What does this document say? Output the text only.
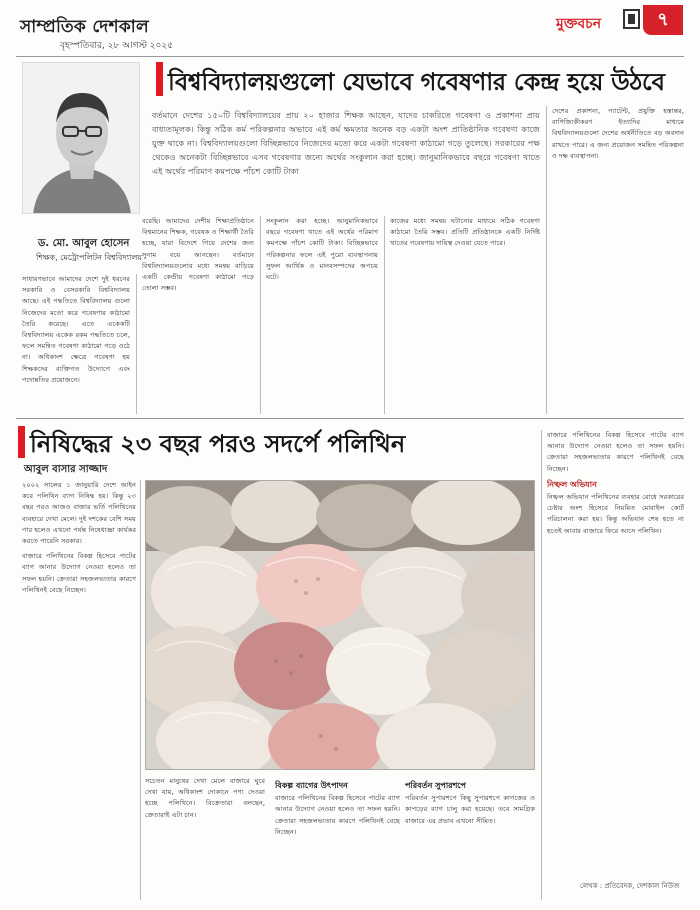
সাম্প্রতিক দেশকাল
বৃহস্পতিবার, ২৮ আগস্ট ২০২৫
মুক্তবচন	৭
ড. মো. আবুল হোসেন
শিক্ষক, মেট্রোপলিটন বিশ্ববিদ্যালয়
বিশ্ববিদ্যালয়গুলো যেভাবে গবেষণার কেন্দ্র হয়ে উঠবে
বর্তমানে দেশের ১৫০টি বিশ্ববিদ্যালয়ের প্রায় ২০ হাজার শিক্ষক আছেন, যাদের চাকরিতে গবেষণা ও প্রকাশনা প্রায় বাধ্যতামূলক। কিন্তু সঠিক কর্ম পরিকল্পনার অভাবে এই কর্ম ক্ষমতার অনেক বড় একটা অংশ প্রাতিষ্ঠানিক গবেষণা কাজে যুক্ত থাকে না। বিশ্ববিদ্যালয়গুলো বিচ্ছিন্নভাবে নিজেদের মতো করে একটা গবেষণা কাঠামো গড়ে তুলেছে। সরকারের পক্ষ থেকেও অনেকটা বিচ্ছিন্নভাবে এসব গবেষণার জন্যে অর্থের সংকুলান করা হচ্ছে। জানুমানিকভাবে বছরে গবেষণা খাতে এই অর্থের পরিমাণ কমপক্ষে পাঁচশ কোটি টাকা

সাধারণভাবে আমাদের দেশে দুই ধরনের সরকারি ও বেসরকারি বিশ্ববিদ্যালয় আছে। এই পদ্ধতিতে বিশ্ববিদ্যালয় গুলো নিজেদের মতো করে গবেষণার কাঠামো তৈরি করেছে। এতে একেকটি বিশ্ববিদ্যালয় একেক রকম পদ্ধতিতে চলে, ফলে সমন্বিত গবেষণা কাঠামো গড়ে ওঠে না। অধিকাংশ ক্ষেত্রে গবেষণা হয় শিক্ষকদের ব্যক্তিগত উদ্যোগে এবং পদোন্নতির প্রয়োজনে।

বরেছি। আমাদের দেশীয় শিক্ষাপ্রতিষ্ঠানে বিশ্বমানের শিক্ষক, গবেষক ও শিক্ষার্থী তৈরি হচ্ছে, যারা বিদেশে গিয়ে দেশের জন্য সুনাম বয়ে আনছেন। বর্তমানে বিশ্ববিদ্যালয়গুলোর মধ্যে সমন্বয় বাড়িয়ে একটি কেন্দ্রীয় গবেষণা কাঠামো গড়ে তোলা সম্ভব।

সংকুলান করা হচ্ছে। আনুমানিকভাবে বছরে গবেষণা খাতে এই অর্থের পরিমাণ কমপক্ষে পাঁচশ কোটি টাকা। বিচ্ছিন্নভাবে পরিকল্পনার ফলে এই পুরো ব্যবস্থাপনায় সুফল আর্থিক ও মানবসম্পদের অপচয় ঘটে।

কাজের মধ্যে সমন্বয় ঘটানোর মাধ্যমে সঠিক গবেষণা কাঠামো তৈরি সম্ভব। প্রতিটি প্রতিষ্ঠানকে একটি নির্দিষ্ট খাতের গবেষণায় দায়িত্ব দেওয়া যেতে পারে।

দেশের প্রকাশনা, প্যাটেন্ট, প্রযুক্তি হস্তান্তর, বাণিজ্যিকীকরণ ইত্যাদির মাধ্যমে বিশ্ববিদ্যালয়গুলো দেশের অর্থনীতিতে বড় অবদান রাখতে পারে। এ জন্য প্রয়োজন সমন্বিত পরিকল্পনা ও দক্ষ ব্যবস্থাপনা।

নিষিদ্ধের ২৩ বছর পরও সদর্পে পলিথিন
আবুল বাসার সাজ্জাদ

২০০২ সালের ১ জানুয়ারি দেশে আইন করে পলিথিন ব্যাগ নিষিদ্ধ হয়। কিন্তু ২৩ বছর পরও আজও বাজার ভর্তি পলিথিনের ব্যবহারে দেখা মেলে। দুই দশকের বেশি সময় পার হলেও এখনো পর্যন্ত নিষেধাজ্ঞা কার্যকর করতে পারেনি সরকার।

বাজারে পলিথিনের বিকল্প হিসেবে পাটের ব্যাগ আনার উদ্যোগ নেওয়া হলেও তা সফল হয়নি। ক্রেতারা সহজলভ্যতার কারণে পলিথিনই বেছে নিচ্ছেন।

সচেতন মানুষের দেখা মেলে বাজারে ঘুরে দেখা যায়, অধিকাংশ দোকানে পণ্য দেওয়া হচ্ছে পলিথিনে। বিক্রেতারা বলছেন, ক্রেতারাই এটা চান।

বিকল্প ব্যাগের উৎপাদন

বাজারে পলিথিনের বিকল্প হিসেবে পাটের ব্যাগ আনার উদ্যোগ নেওয়া হলেও তা সফল হয়নি। ক্রেতারা সহজলভ্যতার কারণে পলিথিনই বেছে নিচ্ছেন।

পরিবর্তন সুপারশপে

পরিবর্তন সুপারশপে কিছু সুপারশপে কাগজের ও কাপড়ের ব্যাগ চালু করা হয়েছে। তবে সামগ্রিক বাজারে এর প্রভাব এখনো সীমিত।

বাজারে পলিথিনের বিকল্প হিসেবে পাটের ব্যাগ আনার উদ্যোগ নেওয়া হলেও তা সফল হয়নি। ক্রেতারা সহজলভ্যতার কারণে পলিথিনই বেছে নিচ্ছেন।

নিষ্ফল অভিযান

নিষ্ফল অভিযান পলিথিনের ব্যবহার রোধে সরকারের চেষ্টার অংশ হিসেবে নিয়মিত মোবাইল কোর্ট পরিচালনা করা হয়। কিন্তু অভিযান শেষ হতে না হতেই আবার বাজারে ফিরে আসে পলিথিন।

লেখক : প্রতিবেদক, দেশকাল নিউজ
